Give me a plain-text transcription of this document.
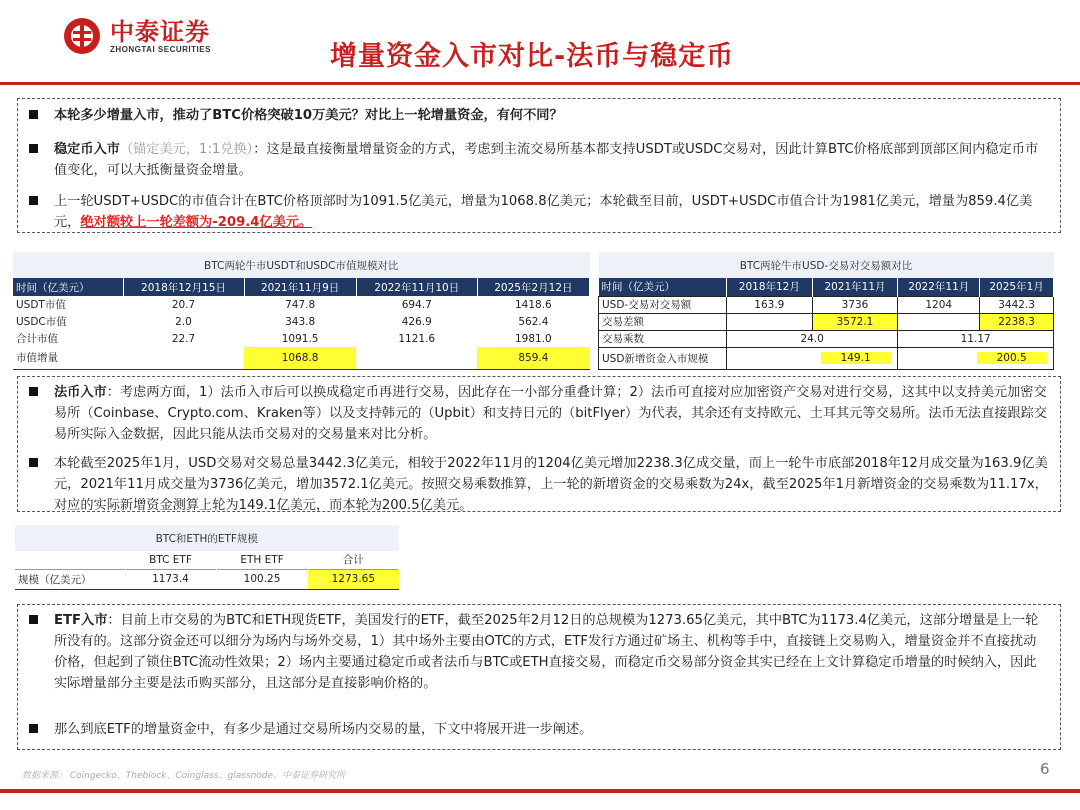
中泰证券
ZHONGTAI SECURITIES	增量资金入市对比-法币与稳定币
本轮多少增量入市，推动了BTC价格突破10万美元？对比上一轮增量资金，有何不同？
稳定币入市（锚定美元，1:1兑换）：这是最直接衡量增量资金的方式，考虑到主流交易所基本都支持USDT或USDC交易对，因此计算BTC价格底部到顶部区间内稳定币市值变化，可以大抵衡量资金增量。
上一轮USDT+USDC的市值合计在BTC价格顶部时为1091.5亿美元，增量为1068.8亿美元；本轮截至目前，USDT+USDC市值合计为1981亿美元，增量为859.4亿美元，绝对额较上一轮差额为-209.4亿美元。
BTC两轮牛市USDT和USDC市值规模对比				
时间（亿美元）	2018年12月15日	2021年11月9日	2022年11月10日	2025年2月12日
USDT市值	20.7	747.8	694.7	1418.6
USDC市值	2.0	343.8	426.9	562.4
合计市值	22.7	1091.5	1121.6	1981.0
市值增量		1068.8		859.4
BTC两轮牛市USD-交易对交易额对比				
时间（亿美元）	2018年12月	2021年11月	2022年11月	2025年1月
USD-交易对交易额	163.9	3736	1204	3442.3
交易差额		3572.1		2238.3
交易乘数	24.0		11.17	
USD新增资金入市规模	149.1		200.5	
法币入市：考虑两方面，1）法币入市后可以换成稳定币再进行交易，因此存在一小部分重叠计算；2）法币可直接对应加密资产交易对进行交易，这其中以支持美元加密交易所（Coinbase、Crypto.com、Kraken等）以及支持韩元的（Upbit）和支持日元的（bitFlyer）为代表，其余还有支持欧元、土耳其元等交易所。法币无法直接跟踪交易所实际入金数据，因此只能从法币交易对的交易量来对比分析。
本轮截至2025年1月，USD交易对交易总量3442.3亿美元，相较于2022年11月的1204亿美元增加2238.3亿成交量，而上一轮牛市底部2018年12月成交量为163.9亿美元，2021年11月成交量为3736亿美元，增加3572.1亿美元。按照交易乘数推算，上一轮的新增资金的交易乘数为24x，截至2025年1月新增资金的交易乘数为11.17x，对应的实际新增资金测算上轮为149.1亿美元，而本轮为200.5亿美元。
BTC和ETH的ETF规模			
	BTC ETF	ETH ETF	合计
规模（亿美元）	1173.4	100.25	1273.65
ETF入市：目前上市交易的为BTC和ETH现货ETF，美国发行的ETF，截至2025年2月12日的总规模为1273.65亿美元，其中BTC为1173.4亿美元，这部分增量是上一轮所没有的。这部分资金还可以细分为场内与场外交易，1）其中场外主要由OTC的方式，ETF发行方通过矿场主、机构等手中，直接链上交易购入，增量资金并不直接扰动价格，但起到了锁住BTC流动性效果；2）场内主要通过稳定币或者法币与BTC或ETH直接交易，而稳定币交易部分资金其实已经在上文计算稳定币增量的时候纳入，因此实际增量部分主要是法币购买部分，且这部分是直接影响价格的。
那么到底ETF的增量资金中，有多少是通过交易所场内交易的量，下文中将展开进一步阐述。
数据来源： Coingecko、Theblock、Coinglass、glassnode、中泰证券研究所	6
